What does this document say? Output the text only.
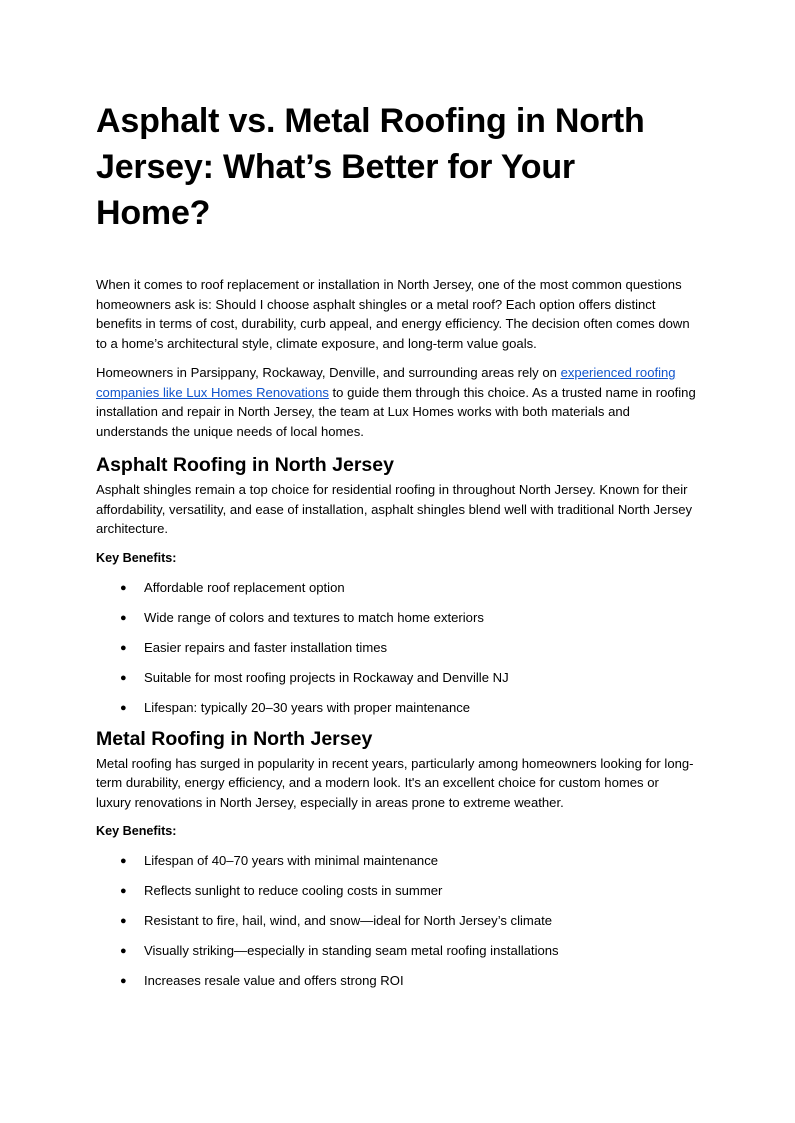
Asphalt vs. Metal Roofing in North Jersey: What’s Better for Your Home?

When it comes to roof replacement or installation in North Jersey, one of the most common questions homeowners ask is: Should I choose asphalt shingles or a metal roof? Each option offers distinct benefits in terms of cost, durability, curb appeal, and energy efficiency. The decision often comes down to a home’s architectural style, climate exposure, and long-term value goals.

Homeowners in Parsippany, Rockaway, Denville, and surrounding areas rely on experienced roofing companies like Lux Homes Renovations to guide them through this choice. As a trusted name in roofing installation and repair in North Jersey, the team at Lux Homes works with both materials and understands the unique needs of local homes.

Asphalt Roofing in North Jersey

Asphalt shingles remain a top choice for residential roofing in throughout North Jersey. Known for their affordability, versatility, and ease of installation, asphalt shingles blend well with traditional North Jersey architecture.

Key Benefits:

● Affordable roof replacement option
● Wide range of colors and textures to match home exteriors
● Easier repairs and faster installation times
● Suitable for most roofing projects in Rockaway and Denville NJ
● Lifespan: typically 20–30 years with proper maintenance
Metal Roofing in North Jersey

Metal roofing has surged in popularity in recent years, particularly among homeowners looking for long-term durability, energy efficiency, and a modern look. It's an excellent choice for custom homes or luxury renovations in North Jersey, especially in areas prone to extreme weather.

Key Benefits:

● Lifespan of 40–70 years with minimal maintenance
● Reflects sunlight to reduce cooling costs in summer
● Resistant to fire, hail, wind, and snow—ideal for North Jersey’s climate
● Visually striking—especially in standing seam metal roofing installations
● Increases resale value and offers strong ROI
